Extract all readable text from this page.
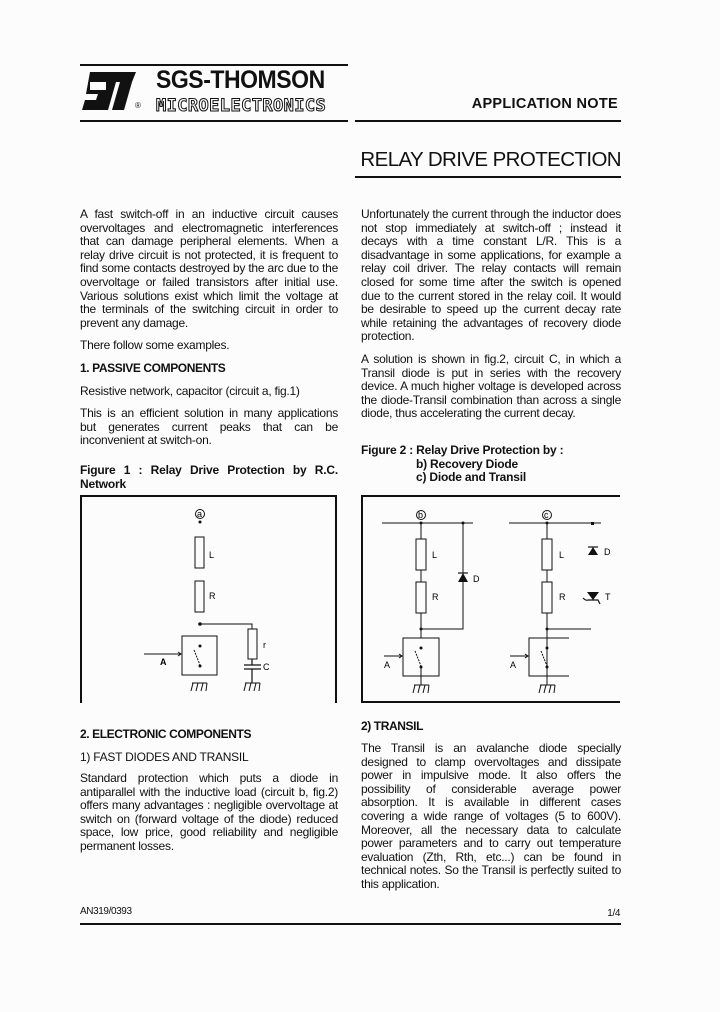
®
SGS-THOMSON
MICROELECTRONICS	APPLICATION NOTE
RELAY DRIVE PROTECTION
A fast switch-off in an inductive circuit causes overvoltages and electromagnetic interferences that can damage peripheral elements. When a relay drive circuit is not protected, it is frequent to find some contacts destroyed by the arc due to the overvoltage or failed transistors after initial use. Various solutions exist which limit the voltage at the terminals of the switching circuit in order to prevent any damage.
There follow some examples.
1. PASSIVE COMPONENTS
Resistive network, capacitor (circuit a, fig.1)
This is an efficient solution in many applications but generates current peaks that can be inconvenient at switch-on.
Figure 1 : Relay Drive Protection by R.C. Network
a
L
R
r
C
A
2. ELECTRONIC COMPONENTS
1) FAST DIODES AND TRANSIL
Standard protection which puts a diode in antiparallel with the inductive load (circuit b, fig.2) offers many advantages : negligible overvoltage at switch on (forward voltage of the diode) reduced space, low price, good reliability and negligible permanent losses.
Unfortunately the current through the inductor does not stop immediately at switch-off ; instead it decays with a time constant L/R. This is a disadvantage in some applications, for example a relay coil driver. The relay contacts will remain closed for some time after the switch is opened due to the current stored in the relay coil. It would be desirable to speed up the current decay rate while retaining the advantages of recovery diode protection.
A solution is shown in fig.2, circuit C, in which a Transil diode is put in series with the recovery device. A much higher voltage is developed across the diode-Transil combination than across a single diode, thus accelerating the current decay.
Figure 2 : Relay Drive Protection by :
b) Recovery Diode
c) Diode and Transil
b
L
R
D
A
c
L
R
D
T
A
2) TRANSIL
The Transil is an avalanche diode specially designed to clamp overvoltages and dissipate power in impulsive mode. It also offers the possibility of considerable average power absorption. It is available in different cases covering a wide range of voltages (5 to 600V). Moreover, all the necessary data to calculate power parameters and to carry out temperature evaluation (Zth, Rth, etc...) can be found in technical notes. So the Transil is perfectly suited to this application.
AN319/0393	1/4
